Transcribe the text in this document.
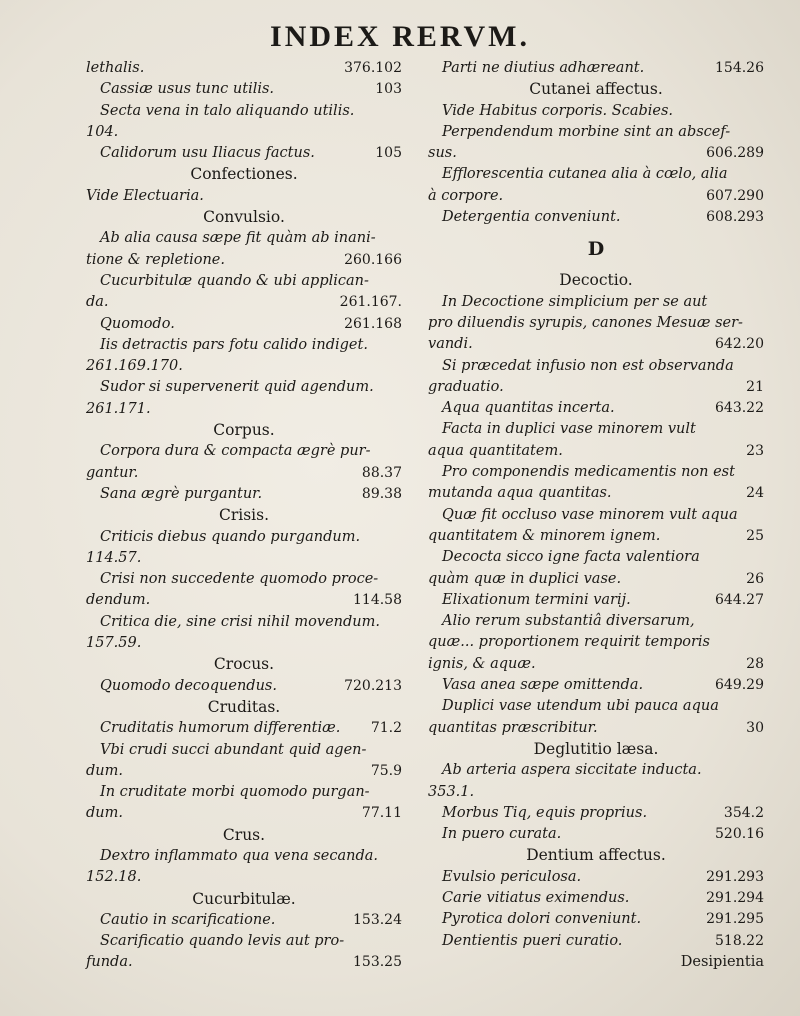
INDEX RERVM.
lethalis.	376.102
Cassiæ usus tunc utilis.	103
Secta vena in talo aliquando utilis.
104.
Calidorum usu Iliacus factus.	105
Confectiones.
Vide Electuaria.
Convulsio.
Ab alia causa sæpe fit quàm ab inani-
tione & repletione.	260.166
Cucurbitulæ quando & ubi applican-
da.	261.167.
Quomodo.	261.168
Iis detractis pars fotu calido indiget.
261.169.170.
Sudor si supervenerit quid agendum.
261.171.
Corpus.
Corpora dura & compacta ægrè pur-
gantur.	88.37
Sana ægrè purgantur.	89.38
Crisis.
Criticis diebus quando purgandum.
114.57.
Crisi non succedente quomodo proce-
dendum.	114.58
Critica die, sine crisi nihil movendum.
157.59.
Crocus.
Quomodo decoquendus.	720.213
Cruditas.
Cruditatis humorum differentiæ.	71.2
Vbi crudi succi abundant quid agen-
dum.	75.9
In cruditate morbi quomodo purgan-
dum.	77.11
Crus.
Dextro inflammato qua vena secanda.
152.18.
Cucurbitulæ.
Cautio in scarificatione.	153.24
Scarificatio quando levis aut pro-
funda.	153.25
Parti ne diutius adhæreant.	154.26
Cutanei affectus.
Vide Habitus corporis. Scabies.
Perpendendum morbine sint an abscef-
sus.	606.289
Efflorescentia cutanea alia à cœlo, alia
à corpore.	607.290
Detergentia conveniunt.	608.293
D
Decoctio.
In Decoctione simplicium per se aut
pro diluendis syrupis, canones Mesuæ ser-
vandi.	642.20
Si præcedat infusio non est observanda
graduatio.	21
Aqua quantitas incerta.	643.22
Facta in duplici vase minorem vult
aqua quantitatem.	23
Pro componendis medicamentis non est
mutanda aqua quantitas.	24
Quæ fit occluso vase minorem vult aqua
quantitatem & minorem ignem.	25
Decocta sicco igne facta valentiora
quàm quæ in duplici vase.	26
Elixationum termini varij.	644.27
Alio rerum substantiâ diversarum,
quæ... proportionem requirit temporis
ignis, & aquæ.	28
Vasa anea sæpe omittenda.	649.29
Duplici vase utendum ubi pauca aqua
quantitas præscribitur.	30
Deglutitio læsa.
Ab arteria aspera siccitate inducta.
353.1.
Morbus Tiq, equis proprius.	354.2
In puero curata.	520.16
Dentium affectus.
Evulsio periculosa.	291.293
Carie vitiatus eximendus.	291.294
Pyrotica dolori conveniunt.	291.295
Dentientis pueri curatio.	518.22
Desipientia
